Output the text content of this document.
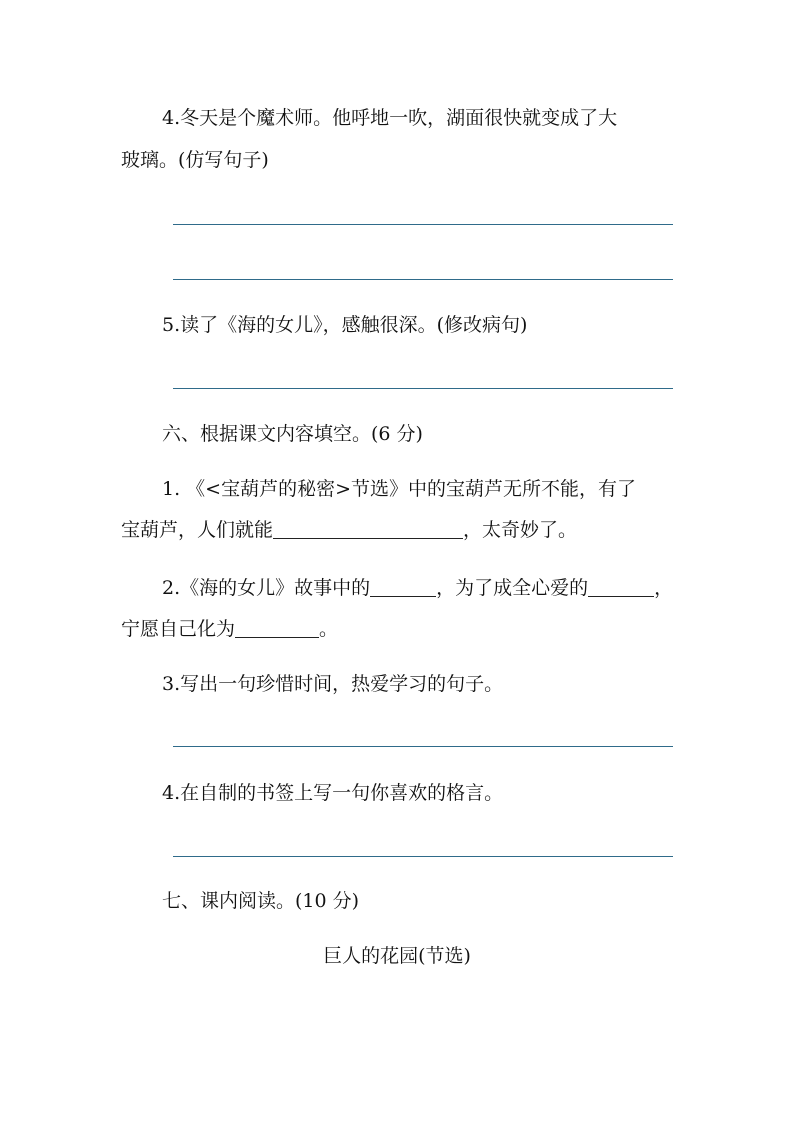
4.冬天是个魔术师。他呼地一吹，湖面很快就变成了大
玻璃。(仿写句子)
5.读了《海的女儿》，感触很深。(修改病句)
六、根据课文内容填空。(6 分)
1. 《<宝葫芦的秘密>节选》中的宝葫芦无所不能，有了
宝葫芦，人们就能	，太奇妙了。
2.《海的女儿》故事中的	，为了成全心爱的	，
宁愿自己化为	。
3.写出一句珍惜时间，热爱学习的句子。
4.在自制的书签上写一句你喜欢的格言。
七、课内阅读。(10 分)
巨人的花园(节选)
